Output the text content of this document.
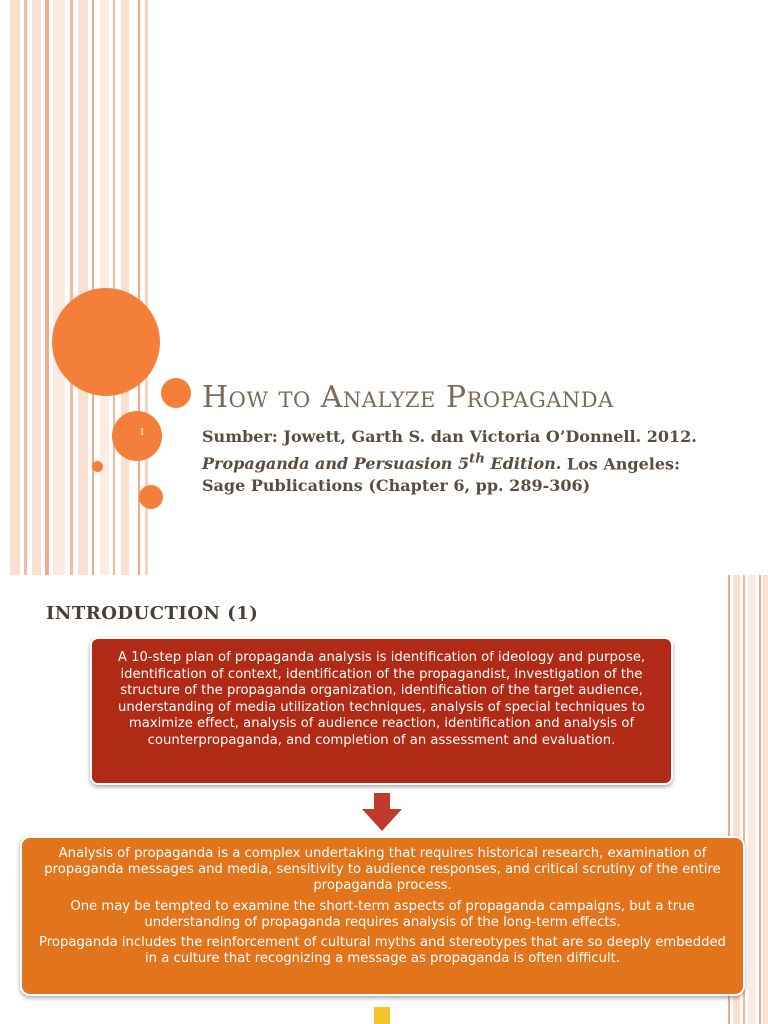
1
How to Analyze Propaganda
Sumber: Jowett, Garth S. dan Victoria O’Donnell. 2012. Propaganda and Persuasion 5th Edition. Los Angeles: Sage Publications (Chapter 6, pp. 289-306)
INTRODUCTION (1)
A 10-step plan of propaganda analysis is identification of ideology and purpose, identification of context, identification of the propagandist, investigation of the structure of the propaganda organization, identification of the target audience, understanding of media utilization techniques, analysis of special techniques to maximize effect, analysis of audience reaction, identification and analysis of counterpropaganda, and completion of an assessment and evaluation.

Analysis of propaganda is a complex undertaking that requires historical research, examination of propaganda messages and media, sensitivity to audience responses, and critical scrutiny of the entire propaganda process.

One may be tempted to examine the short-term aspects of propaganda campaigns, but a true understanding of propaganda requires analysis of the long-term effects.

Propaganda includes the reinforcement of cultural myths and stereotypes that are so deeply embedded in a culture that recognizing a message as propaganda is often difficult.
